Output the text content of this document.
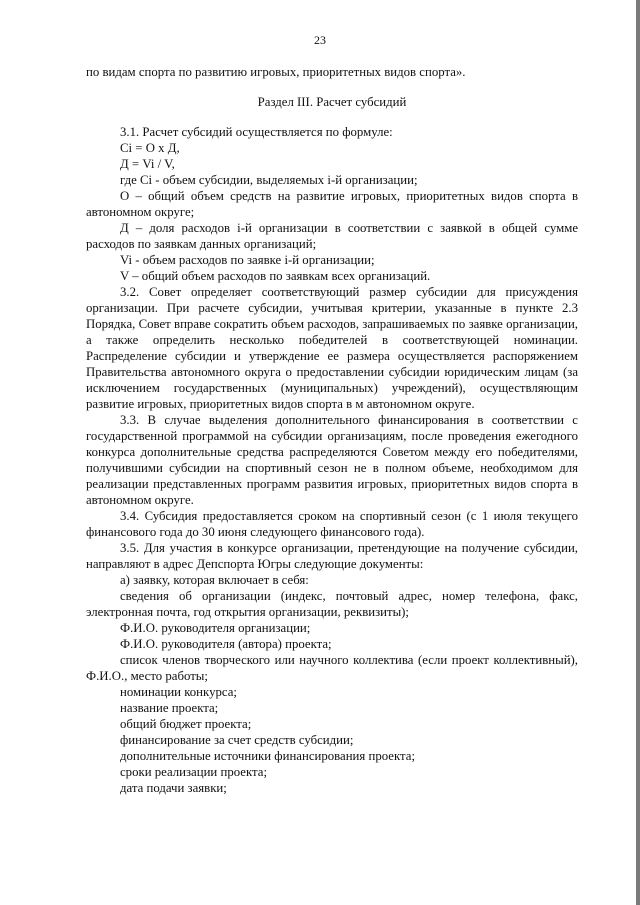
23

по видам спорта по развитию игровых, приоритетных видов спорта».

Раздел III. Расчет субсидий

3.1. Расчет субсидий осуществляется по формуле:

Ci = О х Д,

Д = Vi / V,

где Ci - объем субсидии, выделяемых i-й организации;

О – общий объем средств на развитие игровых, приоритетных видов спорта в автономном округе;

Д – доля расходов i-й организации в соответствии с заявкой в общей сумме расходов по заявкам данных организаций;

Vi - объем расходов по заявке i-й организации;

V – общий объем расходов по заявкам всех организаций.

3.2. Совет определяет соответствующий размер субсидии для присуждения организации. При расчете субсидии, учитывая критерии, указанные в пункте 2.3 Порядка, Совет вправе сократить объем расходов, запрашиваемых по заявке организации, а также определить несколько победителей в соответствующей номинации. Распределение субсидии и утверждение ее размера осуществляется распоряжением Правительства автономного округа о предоставлении субсидии юридическим лицам (за исключением государственных (муниципальных) учреждений), осуществляющим развитие игровых, приоритетных видов спорта в м автономном округе.

3.3. В случае выделения дополнительного финансирования в соответствии с государственной программой на субсидии организациям, после проведения ежегодного конкурса дополнительные средства распределяются Советом между его победителями, получившими субсидии на спортивный сезон не в полном объеме, необходимом для реализации представленных программ развития игровых, приоритетных видов спорта в автономном округе.

3.4. Субсидия предоставляется сроком на спортивный сезон (с 1 июля текущего финансового года до 30 июня следующего финансового года).

3.5. Для участия в конкурсе организации, претендующие на получение субсидии, направляют в адрес Депспорта Югры следующие документы:

а) заявку, которая включает в себя:

сведения об организации (индекс, почтовый адрес, номер телефона, факс, электронная почта, год открытия организации, реквизиты);

Ф.И.О. руководителя организации;

Ф.И.О. руководителя (автора) проекта;

список членов творческого или научного коллектива (если проект коллективный), Ф.И.О., место работы;

номинации конкурса;

название проекта;

общий бюджет проекта;

финансирование за счет средств субсидии;

дополнительные источники финансирования проекта;

сроки реализации проекта;

дата подачи заявки;
